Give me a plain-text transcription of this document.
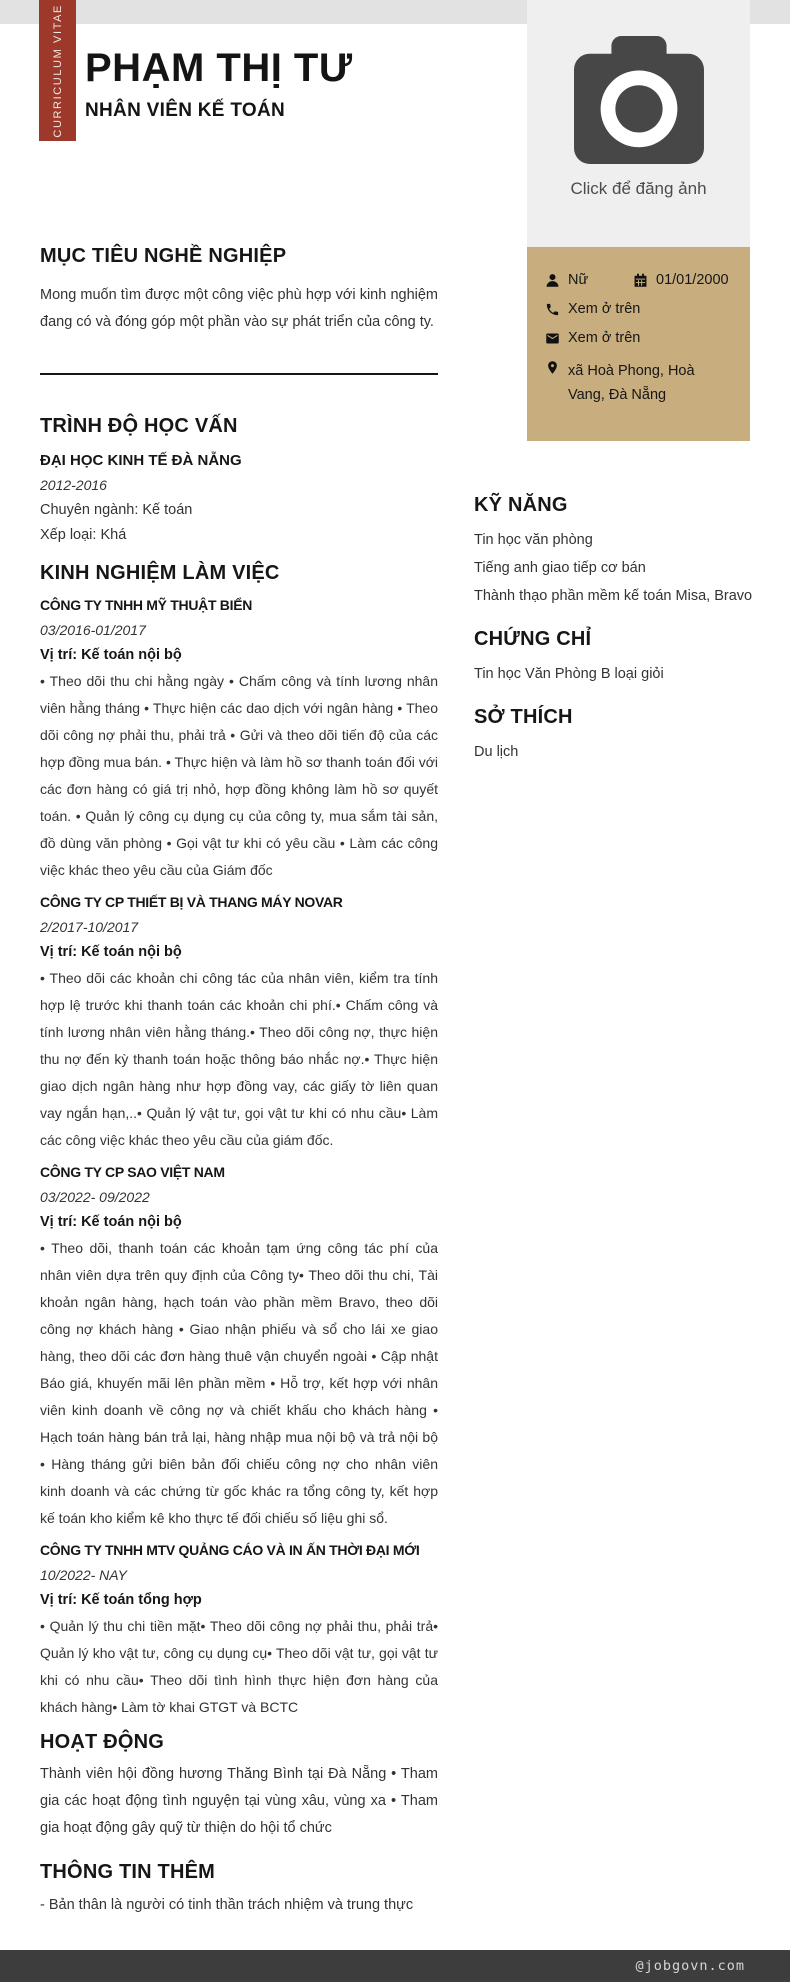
CURRICULUM VITAE PHẠM THỊ TƯ
NHÂN VIÊN KẾ TOÁN
Click để đăng ảnh
Nữ	01/01/2000
Xem ở trên
Xem ở trên
xã Hoà Phong, Hoà Vang, Đà Nẵng
MỤC TIÊU NGHỀ NGHIỆP

Mong muốn tìm được một công việc phù hợp với kinh nghiệm đang có và đóng góp một phần vào sự phát triển của công ty.

TRÌNH ĐỘ HỌC VẤN
ĐẠI HỌC KINH TẾ ĐÀ NẴNG
2012-2016
Chuyên ngành: Kế toán
Xếp loại: Khá
KINH NGHIỆM LÀM VIỆC
CÔNG TY TNHH MỸ THUẬT BIỂN
03/2016-01/2017
Vị trí: Kế toán nội bộ

• Theo dõi thu chi hằng ngày • Chấm công và tính lương nhân viên hằng tháng • Thực hiện các dao dịch với ngân hàng • Theo dõi công nợ phải thu, phải trả • Gửi và theo dõi tiến độ của các hợp đồng mua bán. • Thực hiện và làm hồ sơ thanh toán đối với các đơn hàng có giá trị nhỏ, hợp đồng không làm hồ sơ quyết toán. • Quản lý công cụ dụng cụ của công ty, mua sắm tài sản, đồ dùng văn phòng • Gọi vật tư khi có yêu cầu • Làm các công việc khác theo yêu cầu của Giám đốc

CÔNG TY CP THIẾT BỊ VÀ THANG MÁY NOVAR
2/2017-10/2017
Vị trí: Kế toán nội bộ

• Theo dõi các khoản chi công tác của nhân viên, kiểm tra tính hợp lệ trước khi thanh toán các khoản chi phí.• Chấm công và tính lương nhân viên hằng tháng.• Theo dõi công nợ, thực hiện thu nợ đến kỳ thanh toán hoặc thông báo nhắc nợ.• Thực hiện giao dịch ngân hàng như hợp đồng vay, các giấy tờ liên quan vay ngắn hạn,..• Quản lý vật tư, gọi vật tư khi có nhu cầu• Làm các công việc khác theo yêu cầu của giám đốc.

CÔNG TY CP SAO VIỆT NAM
03/2022- 09/2022
Vị trí: Kế toán nội bộ

• Theo dõi, thanh toán các khoản tạm ứng công tác phí của nhân viên dựa trên quy định của Công ty• Theo dõi thu chi, Tài khoản ngân hàng, hạch toán vào phần mềm Bravo, theo dõi công nợ khách hàng • Giao nhận phiếu và sổ cho lái xe giao hàng, theo dõi các đơn hàng thuê vận chuyển ngoài • Cập nhật Báo giá, khuyến mãi lên phần mềm • Hỗ trợ, kết hợp với nhân viên kinh doanh về công nợ và chiết khấu cho khách hàng • Hạch toán hàng bán trả lại, hàng nhập mua nội bộ và trả nội bộ • Hàng tháng gửi biên bản đối chiếu công nợ cho nhân viên kinh doanh và các chứng từ gốc khác ra tổng công ty, kết hợp kế toán kho kiểm kê kho thực tế đối chiếu số liệu ghi sổ.

CÔNG TY TNHH MTV QUẢNG CÁO VÀ IN ẤN THỜI ĐẠI MỚI
10/2022- NAY
Vị trí: Kế toán tổng hợp

• Quản lý thu chi tiền mặt• Theo dõi công nợ phải thu, phải trả• Quản lý kho vật tư, công cụ dụng cụ• Theo dõi vật tư, gọi vật tư khi có nhu cầu• Theo dõi tình hình thực hiện đơn hàng của khách hàng• Làm tờ khai GTGT và BCTC

HOẠT ĐỘNG

Thành viên hội đồng hương Thăng Bình tại Đà Nẵng • Tham gia các hoạt động tình nguyện tại vùng xâu, vùng xa • Tham gia hoạt động gây quỹ từ thiện do hội tổ chức

THÔNG TIN THÊM

- Bản thân là người có tinh thần trách nhiệm và trung thực

KỸ NĂNG
Tin học văn phòng
Tiếng anh giao tiếp cơ bán
Thành thạo phần mềm kế toán Misa, Bravo
CHỨNG CHỈ
Tin học Văn Phòng B loại giỏi
SỞ THÍCH
Du lịch
@jobgovn.com
